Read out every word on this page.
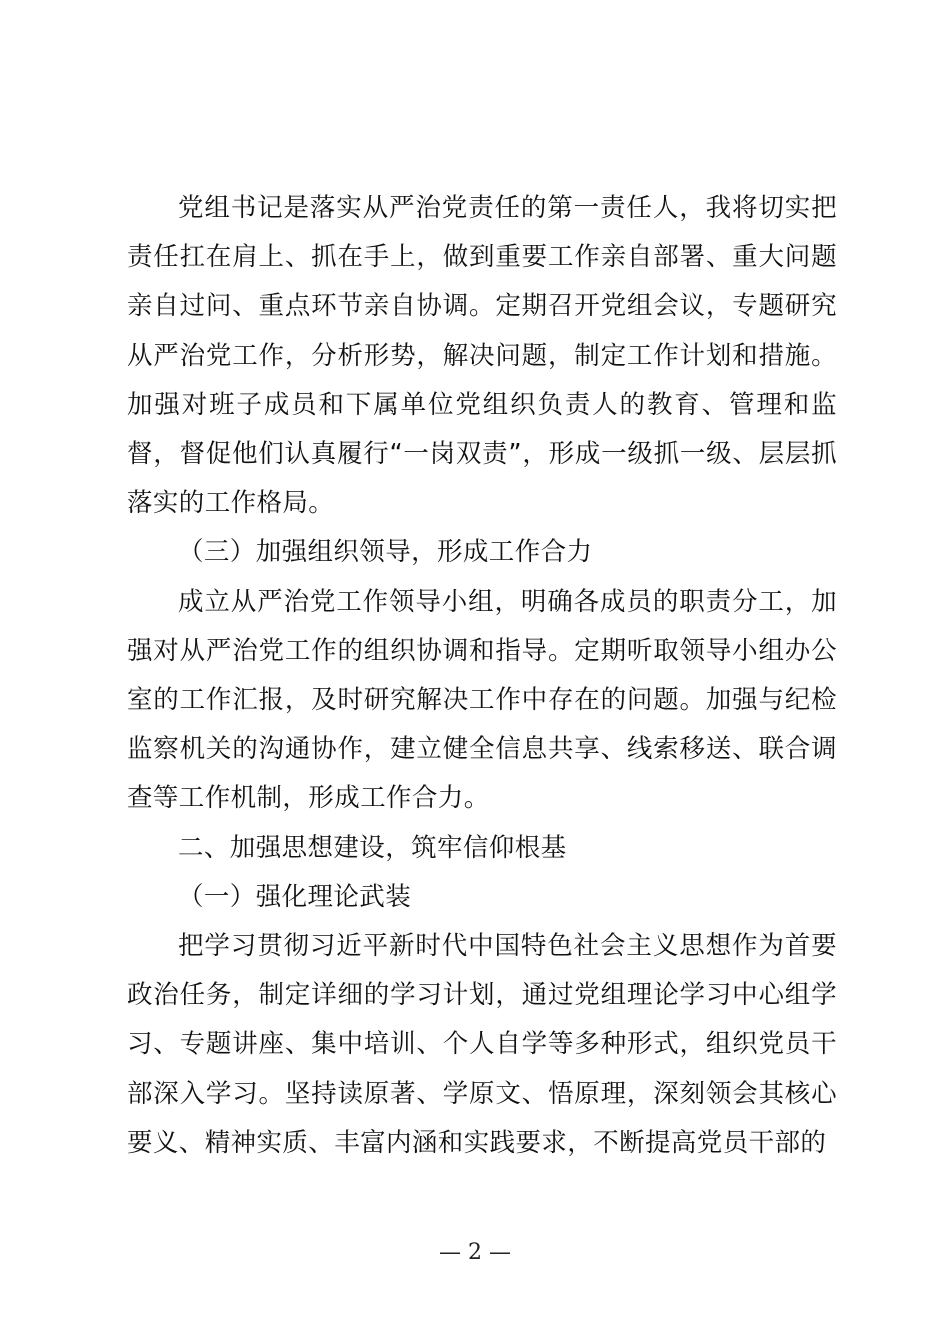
党组书记是落实从严治党责任的第一责任人，我将切实把责任扛在肩上、抓在手上，做到重要工作亲自部署、重大问题亲自过问、重点环节亲自协调。定期召开党组会议，专题研究从严治党工作，分析形势，解决问题，制定工作计划和措施。加强对班子成员和下属单位党组织负责人的教育、管理和监督，督促他们认真履行“一岗双责”，形成一级抓一级、层层抓落实的工作格局。

（三）加强组织领导，形成工作合力

成立从严治党工作领导小组，明确各成员的职责分工，加强对从严治党工作的组织协调和指导。定期听取领导小组办公室的工作汇报，及时研究解决工作中存在的问题。加强与纪检监察机关的沟通协作，建立健全信息共享、线索移送、联合调查等工作机制，形成工作合力。

二、加强思想建设，筑牢信仰根基

（一）强化理论武装

把学习贯彻习近平新时代中国特色社会主义思想作为首要政治任务，制定详细的学习计划，通过党组理论学习中心组学习、专题讲座、集中培训、个人自学等多种形式，组织党员干部深入学习。坚持读原著、学原文、悟原理，深刻领会其核心要义、精神实质、丰富内涵和实践要求，不断提高党员干部的

— 2 —
